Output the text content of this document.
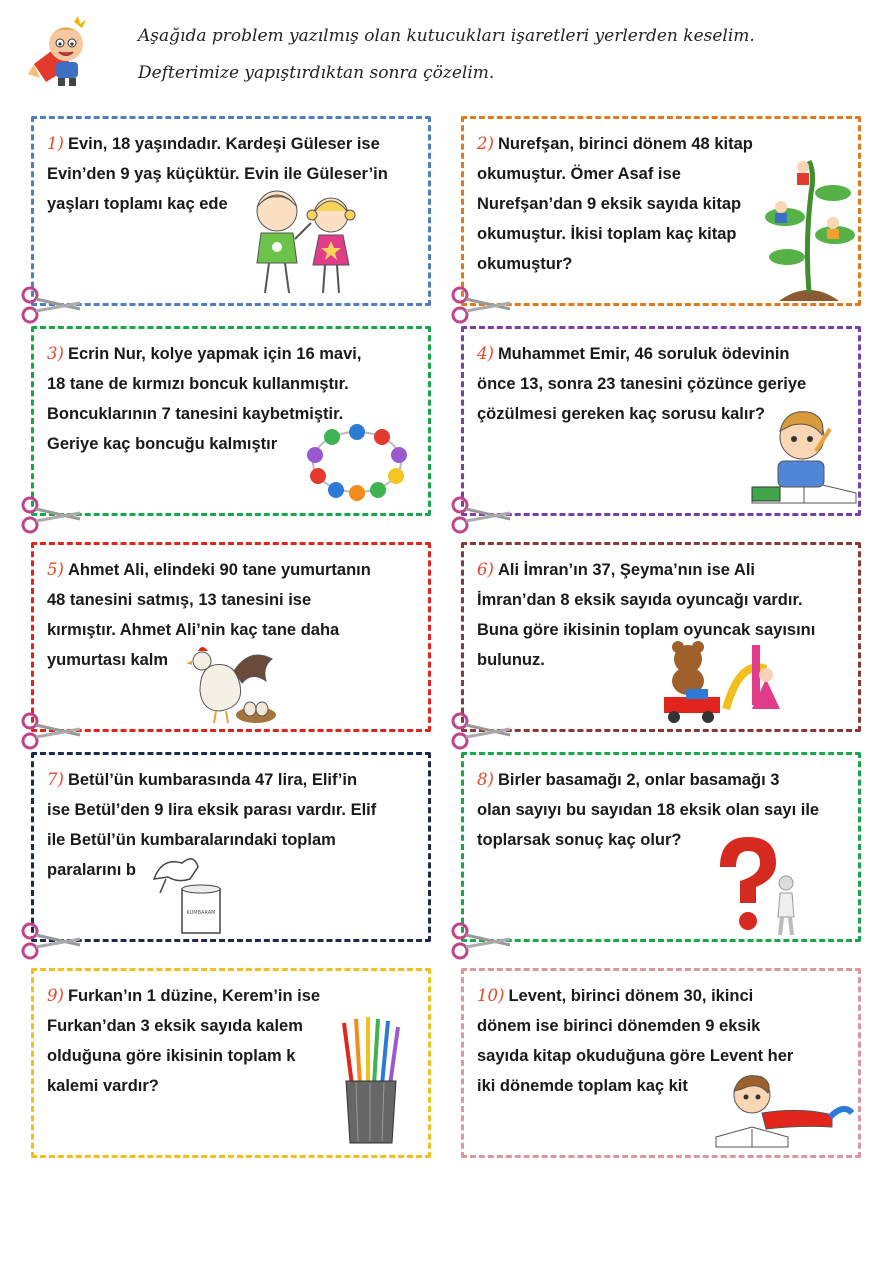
Aşağıda problem yazılmış olan kutucukları işaretleri yerlerden keselim.
Defterimize yapıştırdıktan sonra çözelim.
1) Evin, 18 yaşındadır. Kardeşi Güleser ise
Evin’den 9 yaş küçüktür. Evin ile Güleser’in
yaşları toplamı kaç ede
2) Nurefşan, birinci dönem 48 kitap
okumuştur. Ömer Asaf ise
Nurefşan’dan 9 eksik sayıda kitap
okumuştur. İkisi toplam kaç kitap
okumuştur?
3) Ecrin Nur, kolye yapmak için 16 mavi,
18 tane de kırmızı boncuk kullanmıştır.
Boncuklarının 7 tanesini kaybetmiştir.
Geriye kaç boncuğu kalmıştır
4) Muhammet Emir, 46 soruluk ödevinin
önce 13, sonra 23 tanesini çözünce geriye
çözülmesi gereken kaç sorusu kalır?
5) Ahmet Ali, elindeki 90 tane yumurtanın
48 tanesini satmış, 13 tanesini ise
kırmıştır. Ahmet Ali’nin kaç tane daha
yumurtası kalm
6) Ali İmran’ın 37, Şeyma’nın ise Ali
İmran’dan 8 eksik sayıda oyuncağı vardır.
Buna göre ikisinin toplam oyuncak sayısını
bulunuz.
7) Betül’ün kumbarasında 47 lira, Elif’in
ise Betül’den 9 lira eksik parası vardır. Elif
ile Betül’ün kumbaralarındaki toplam
paralarını b
KUMBARAM
8) Birler basamağı 2, onlar basamağı 3
olan sayıyı bu sayıdan 18 eksik olan sayı ile
toplarsak sonuç kaç olur?
9) Furkan’ın 1 düzine, Kerem’in ise
Furkan’dan 3 eksik sayıda kalem
olduğuna göre ikisinin toplam k
kalemi vardır?
10) Levent, birinci dönem 30, ikinci
dönem ise birinci dönemden 9 eksik
sayıda kitap okuduğuna göre Levent her
iki dönemde toplam kaç kit
